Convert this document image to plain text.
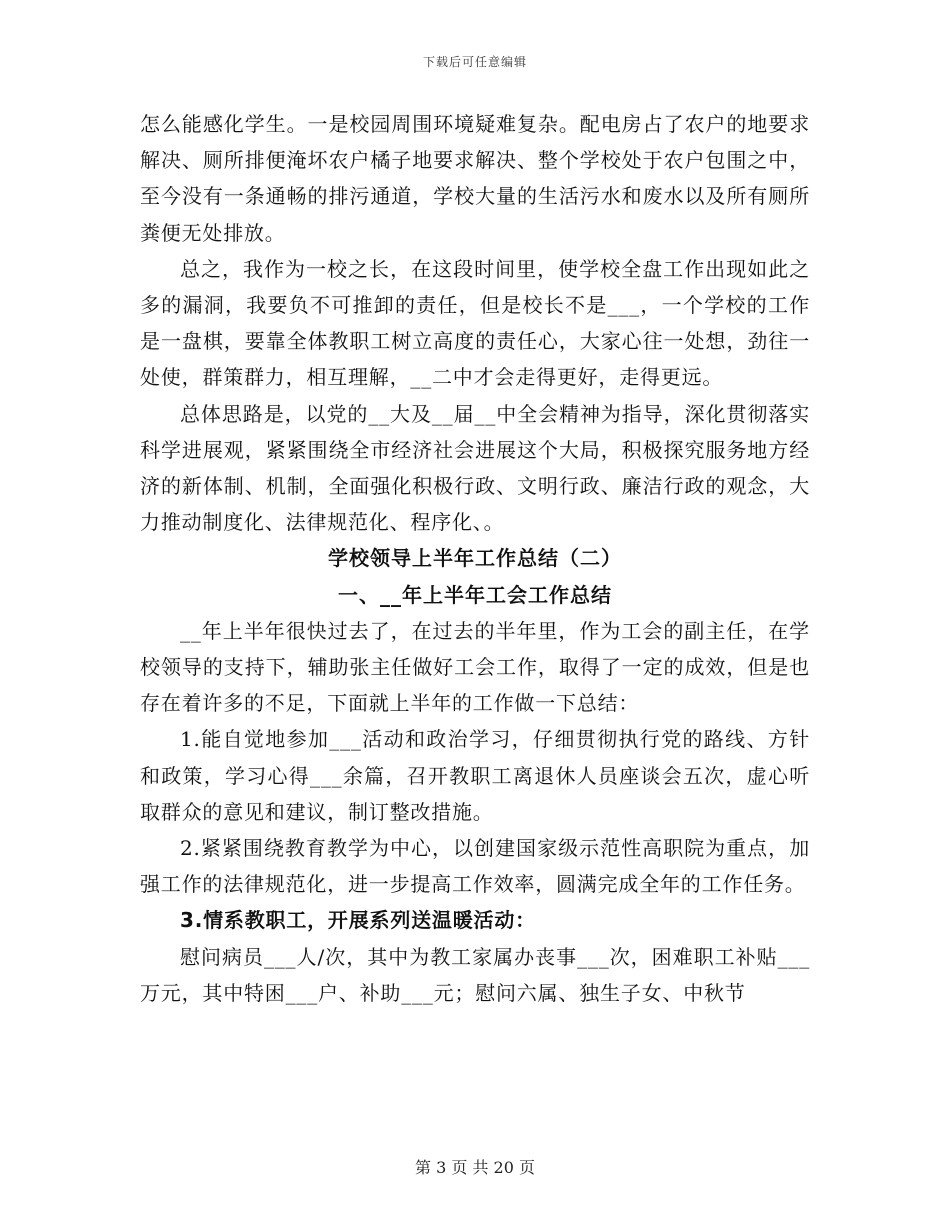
下载后可任意编辑

怎么能感化学生。一是校园周围环境疑难复杂。配电房占了农户的地要求解决、厕所排便淹坏农户橘子地要求解决、整个学校处于农户包围之中，至今没有一条通畅的排污通道，学校大量的生活污水和废水以及所有厕所粪便无处排放。

总之，我作为一校之长，在这段时间里，使学校全盘工作出现如此之多的漏洞，我要负不可推卸的责任，但是校长不是___，一个学校的工作是一盘棋，要靠全体教职工树立高度的责任心，大家心往一处想，劲往一处使，群策群力，相互理解，__二中才会走得更好，走得更远。

总体思路是，以党的__大及__届__中全会精神为指导，深化贯彻落实科学进展观，紧紧围绕全市经济社会进展这个大局，积极探究服务地方经济的新体制、机制，全面强化积极行政、文明行政、廉洁行政的观念，大力推动制度化、法律规范化、程序化、。

学校领导上半年工作总结（二）

一、__年上半年工会工作总结

__年上半年很快过去了，在过去的半年里，作为工会的副主任，在学校领导的支持下，辅助张主任做好工会工作，取得了一定的成效，但是也存在着许多的不足，下面就上半年的工作做一下总结：

1.能自觉地参加___活动和政治学习，仔细贯彻执行党的路线、方针和政策，学习心得___余篇，召开教职工离退休人员座谈会五次，虚心听取群众的意见和建议，制订整改措施。

2.紧紧围绕教育教学为中心，以创建国家级示范性高职院为重点，加强工作的法律规范化，进一步提高工作效率，圆满完成全年的工作任务。

3.情系教职工，开展系列送温暖活动：

慰问病员___人/次，其中为教工家属办丧事___次，困难职工补贴___万元，其中特困___户、补助___元；慰问六属、独生子女、中秋节

第 3 页 共 20 页
